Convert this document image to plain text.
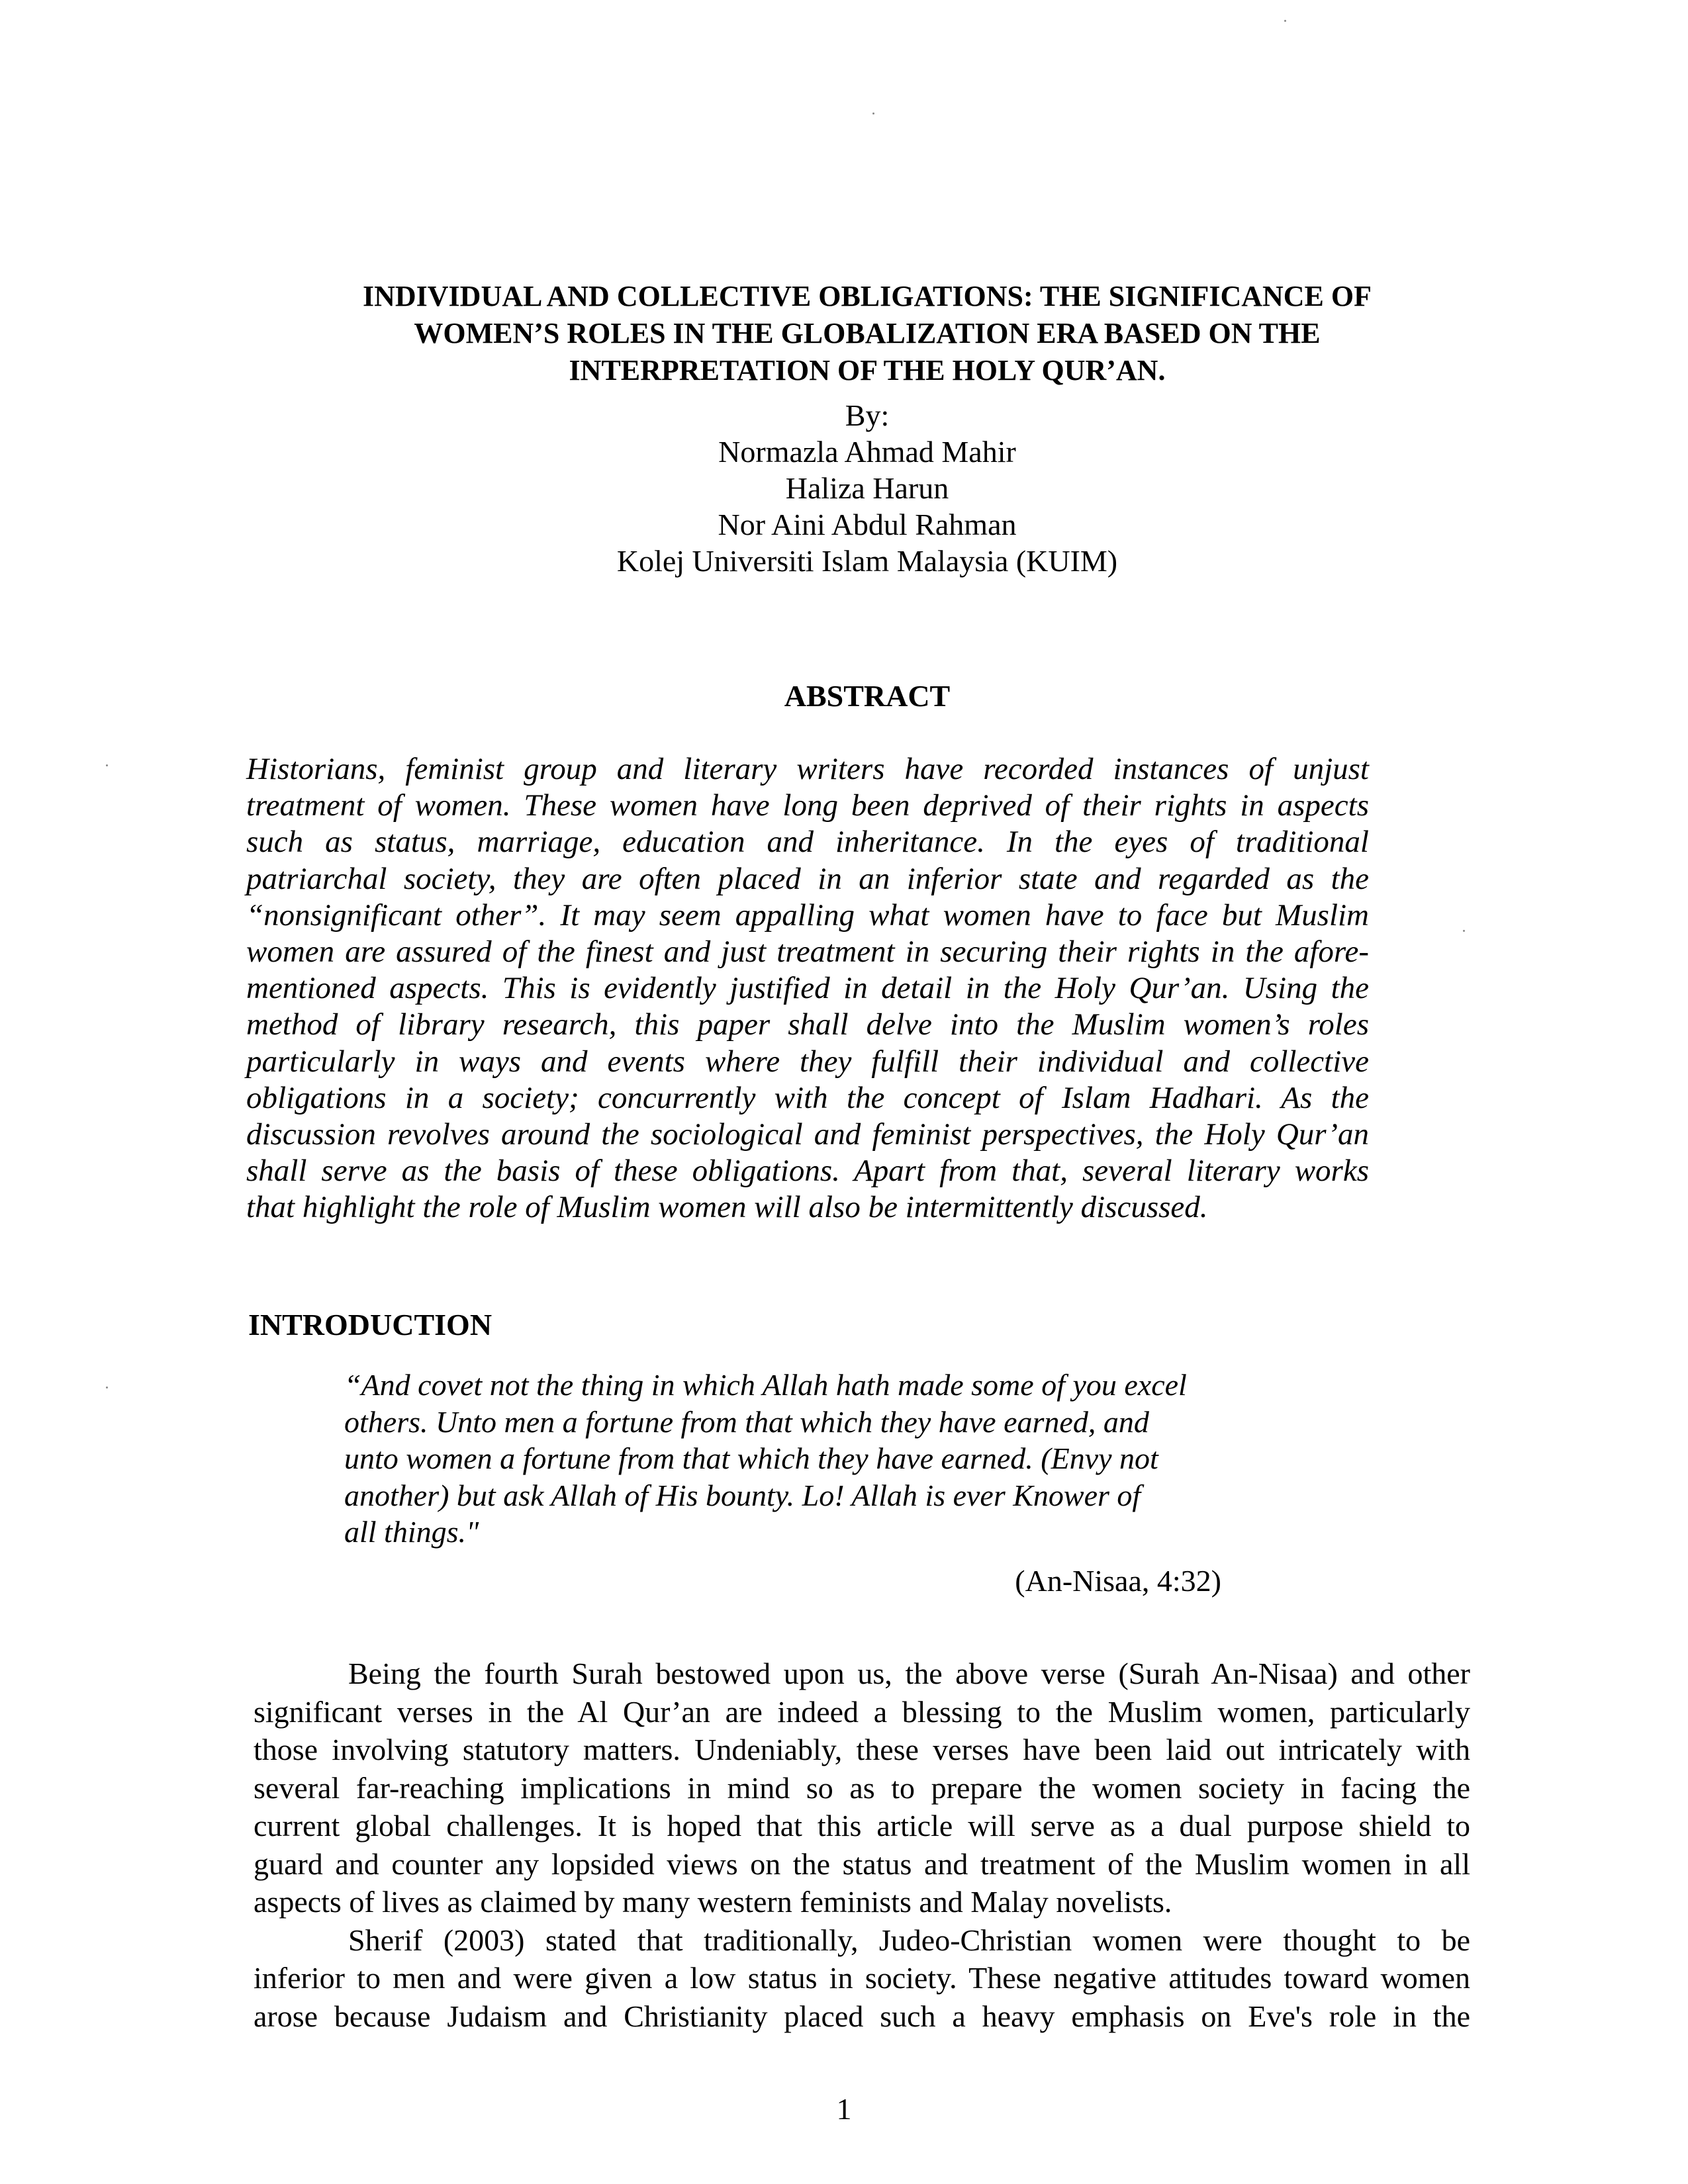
INDIVIDUAL AND COLLECTIVE OBLIGATIONS: THE SIGNIFICANCE OF
WOMEN’S ROLES IN THE GLOBALIZATION ERA BASED ON THE
INTERPRETATION OF THE HOLY QUR’AN.
By:
Normazla Ahmad Mahir
Haliza Harun
Nor Aini Abdul Rahman
Kolej Universiti Islam Malaysia (KUIM)
ABSTRACT
Historians, feminist group and literary writers have recorded instances of unjust
treatment of women. These women have long been deprived of their rights in aspects
such as status, marriage, education and inheritance. In the eyes of traditional
patriarchal society, they are often placed in an inferior state and regarded as the
“nonsignificant other”. It may seem appalling what women have to face but Muslim
women are assured of the finest and just treatment in securing their rights in the afore-
mentioned aspects. This is evidently justified in detail in the Holy Qur’an. Using the
method of library research, this paper shall delve into the Muslim women’s roles
particularly in ways and events where they fulfill their individual and collective
obligations in a society; concurrently with the concept of Islam Hadhari. As the
discussion revolves around the sociological and feminist perspectives, the Holy Qur’an
shall serve as the basis of these obligations. Apart from that, several literary works
that highlight the role of Muslim women will also be intermittently discussed.
INTRODUCTION
“And covet not the thing in which Allah hath made some of you excel
others. Unto men a fortune from that which they have earned, and
unto women a fortune from that which they have earned. (Envy not
another) but ask Allah of His bounty. Lo! Allah is ever Knower of
all things."
(An-Nisaa, 4:32)
Being the fourth Surah bestowed upon us, the above verse (Surah An-Nisaa) and other
significant verses in the Al Qur’an are indeed a blessing to the Muslim women, particularly
those involving statutory matters. Undeniably, these verses have been laid out intricately with
several far-reaching implications in mind so as to prepare the women society in facing the
current global challenges. It is hoped that this article will serve as a dual purpose shield to
guard and counter any lopsided views on the status and treatment of the Muslim women in all
aspects of lives as claimed by many western feminists and Malay novelists.
Sherif (2003) stated that traditionally, Judeo-Christian women were thought to be
inferior to men and were given a low status in society. These negative attitudes toward women
arose because Judaism and Christianity placed such a heavy emphasis on Eve's role in the
1
